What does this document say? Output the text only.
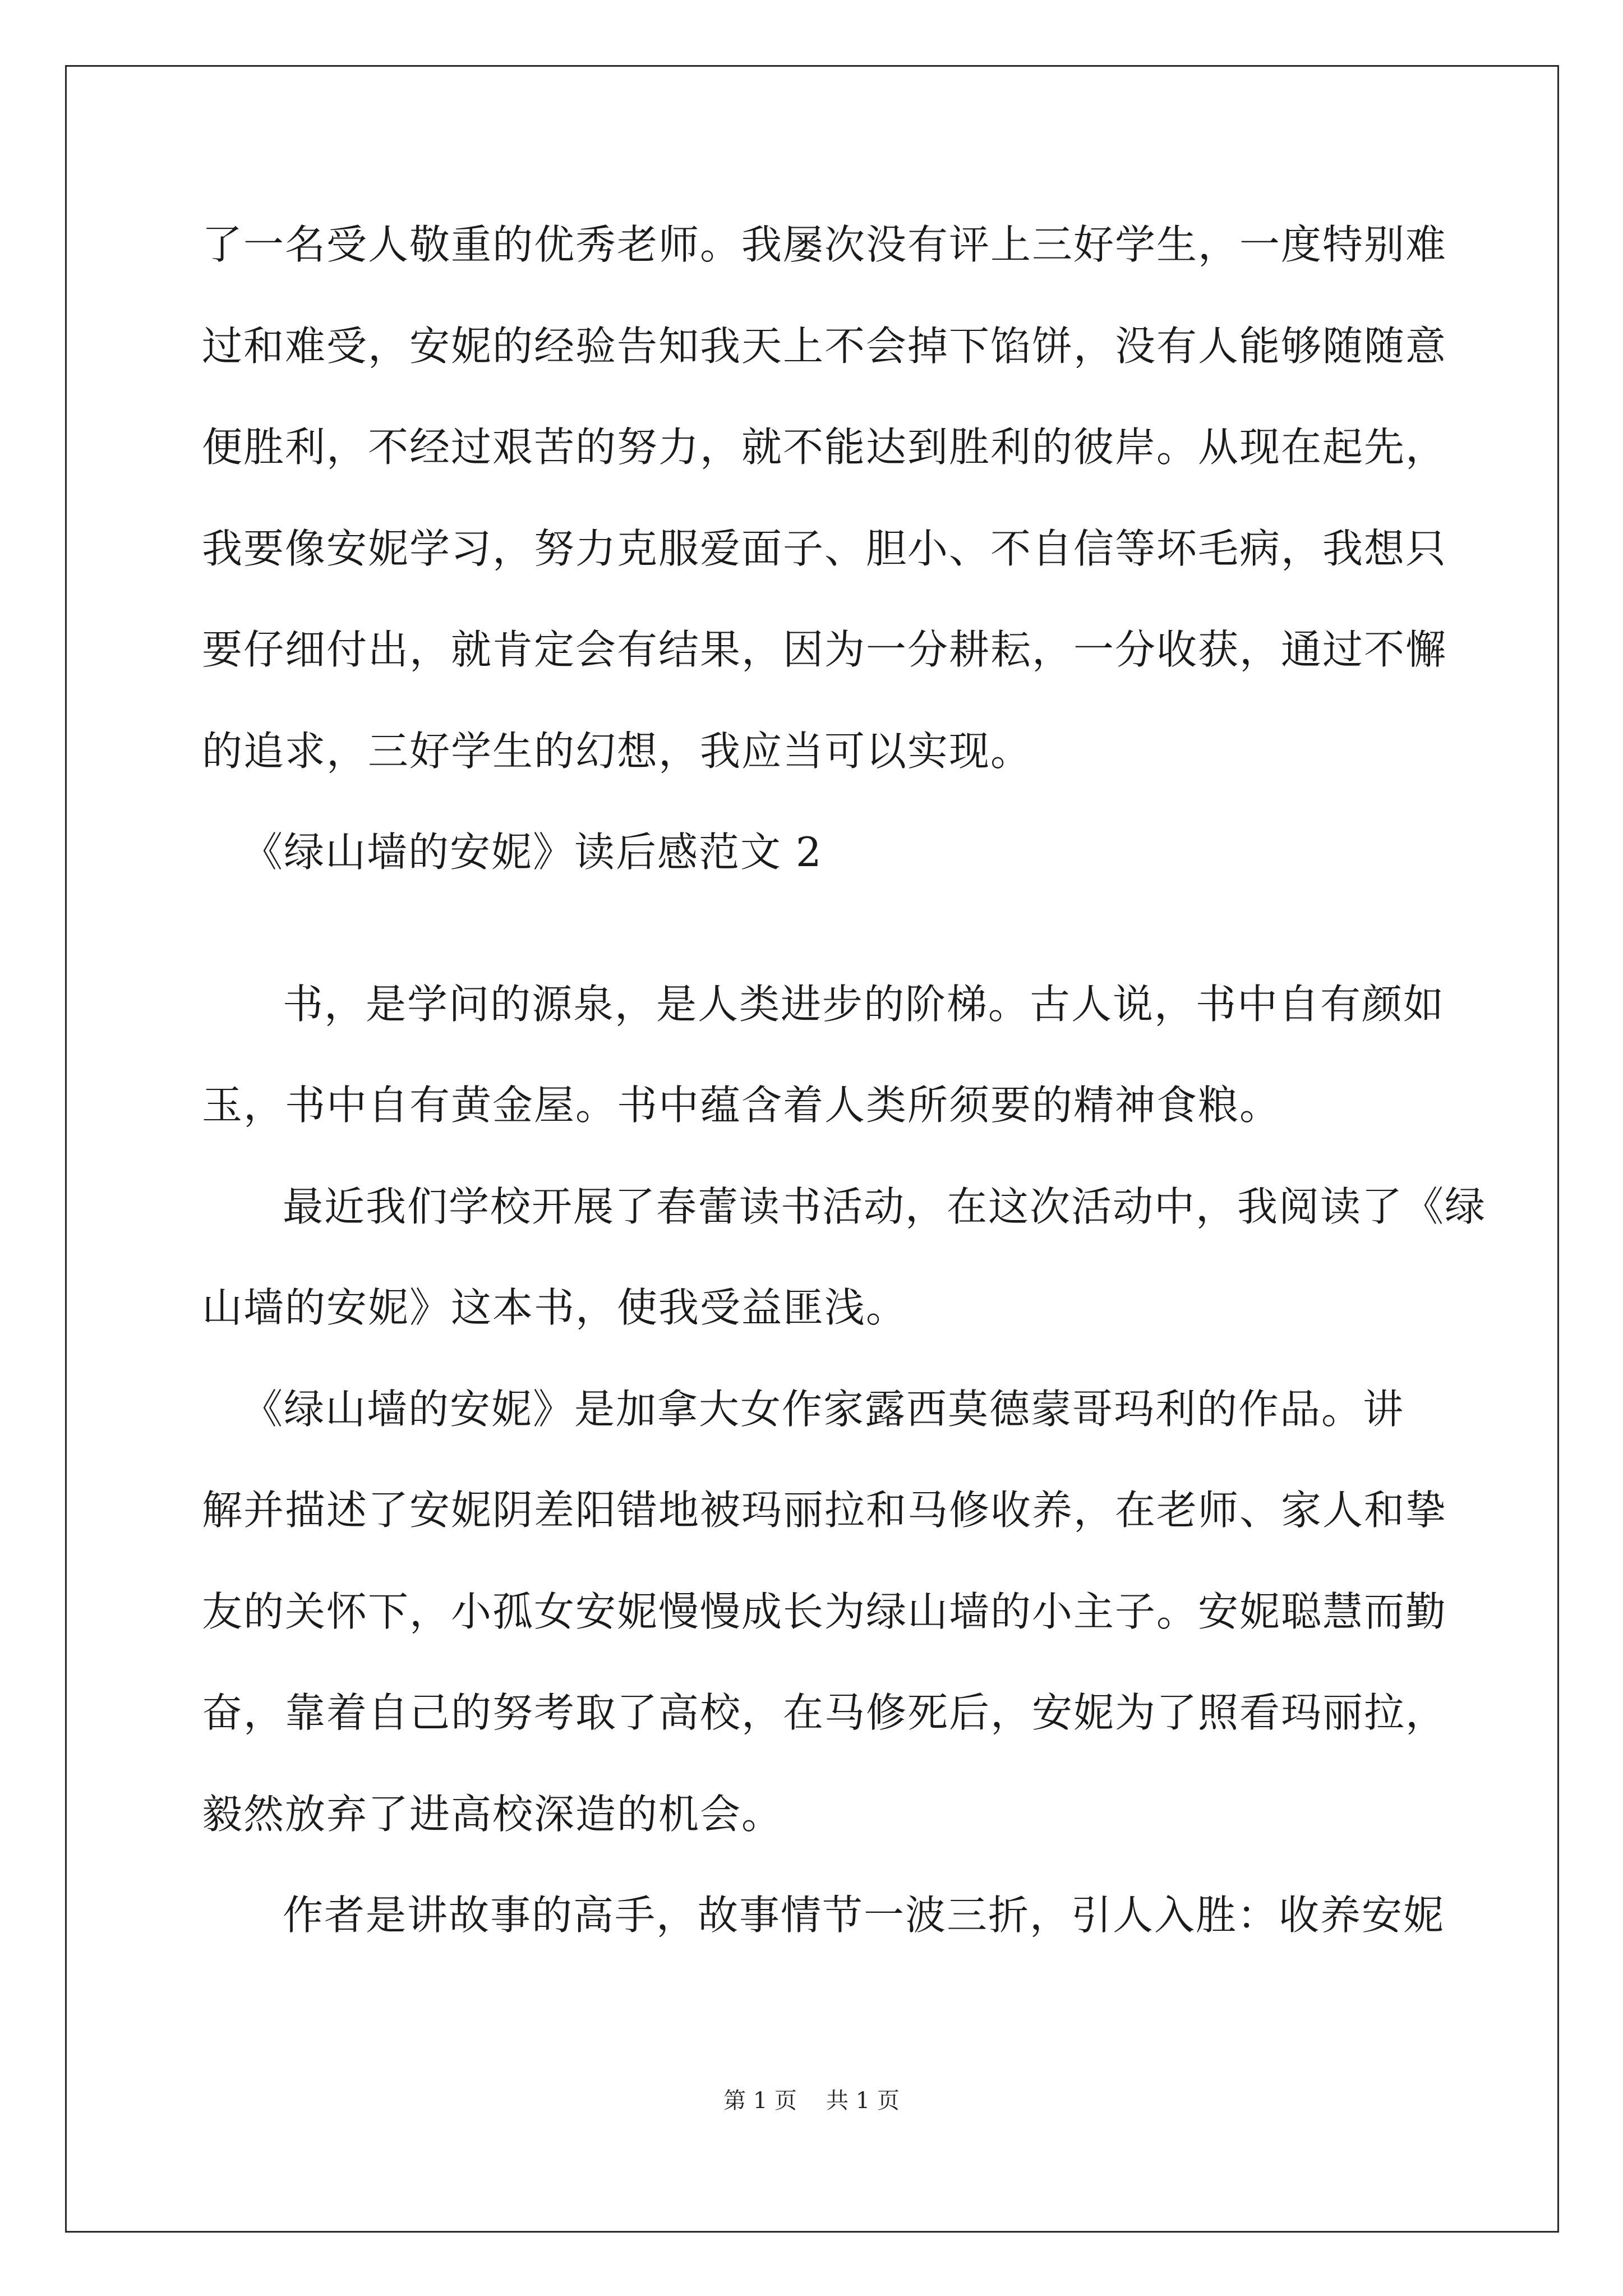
了一名受人敬重的优秀老师。我屡次没有评上三好学生，一度特别难
过和难受，安妮的经验告知我天上不会掉下馅饼，没有人能够随随意
便胜利，不经过艰苦的努力，就不能达到胜利的彼岸。从现在起先，
我要像安妮学习，努力克服爱面子、胆小、不自信等坏毛病，我想只
要仔细付出，就肯定会有结果，因为一分耕耘，一分收获，通过不懈
的追求，三好学生的幻想，我应当可以实现。
《绿山墙的安妮》读后感范文 2
书，是学问的源泉，是人类进步的阶梯。古人说，书中自有颜如
玉，书中自有黄金屋。书中蕴含着人类所须要的精神食粮。
最近我们学校开展了春蕾读书活动，在这次活动中，我阅读了《绿
山墙的安妮》这本书，使我受益匪浅。
《绿山墙的安妮》是加拿大女作家露西莫德蒙哥玛利的作品。讲
解并描述了安妮阴差阳错地被玛丽拉和马修收养，在老师、家人和挚
友的关怀下，小孤女安妮慢慢成长为绿山墙的小主子。安妮聪慧而勤
奋，靠着自己的努考取了高校，在马修死后，安妮为了照看玛丽拉，
毅然放弃了进高校深造的机会。
作者是讲故事的高手，故事情节一波三折，引人入胜：收养安妮
第 1 页 共 1 页
